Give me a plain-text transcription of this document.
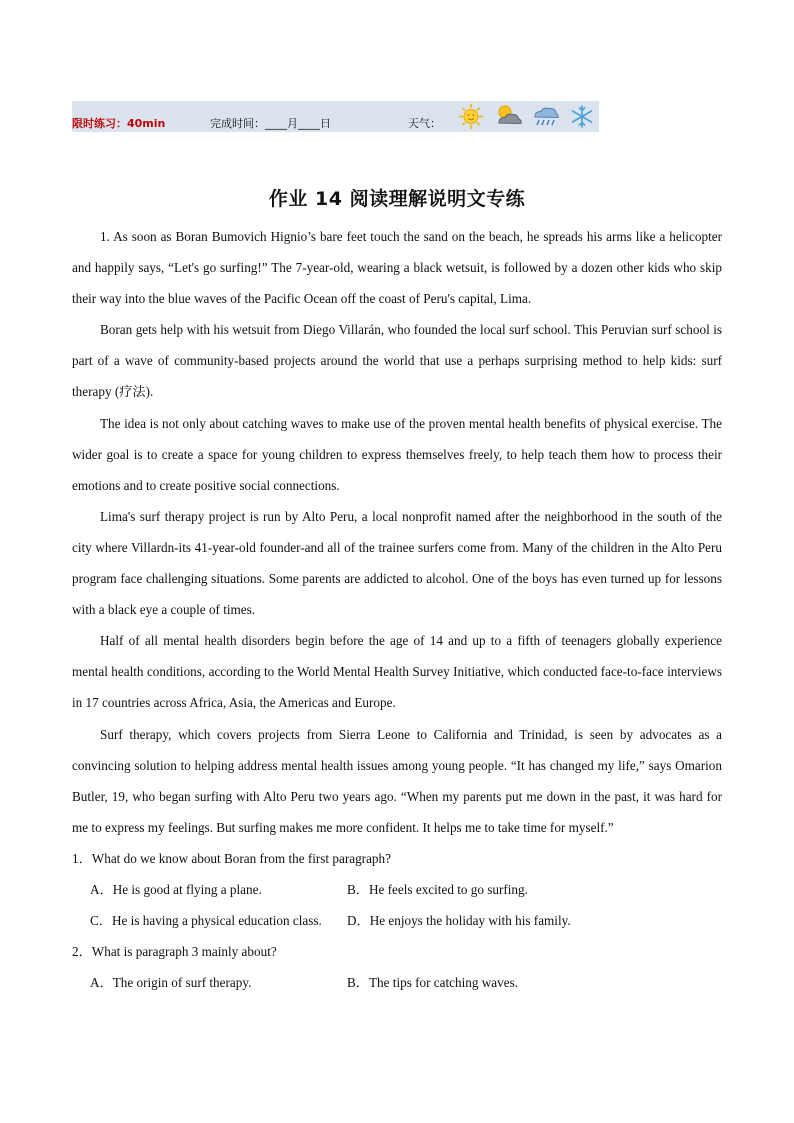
限时练习：40min	完成时间：____月____日	天气：
作业 14 阅读理解说明文专练

1. As soon as Boran Bumovich Hignio’s bare feet touch the sand on the beach, he spreads his arms like a helicopter and happily says, “Let's go surfing!” The 7-year-old, wearing a black wetsuit, is followed by a dozen other kids who skip their way into the blue waves of the Pacific Ocean off the coast of Peru's capital, Lima.

Boran gets help with his wetsuit from Diego Villarán, who founded the local surf school. This Peruvian surf school is part of a wave of community-based projects around the world that use a perhaps surprising method to help kids: surf therapy (疗法).

The idea is not only about catching waves to make use of the proven mental health benefits of physical exercise. The wider goal is to create a space for young children to express themselves freely, to help teach them how to process their emotions and to create positive social connections.

Lima's surf therapy project is run by Alto Peru, a local nonprofit named after the neighborhood in the south of the city where Villardn-its 41-year-old founder-and all of the trainee surfers come from. Many of the children in the Alto Peru program face challenging situations. Some parents are addicted to alcohol. One of the boys has even turned up for lessons with a black eye a couple of times.

Half of all mental health disorders begin before the age of 14 and up to a fifth of teenagers globally experience mental health conditions, according to the World Mental Health Survey Initiative, which conducted face-to-face interviews in 17 countries across Africa, Asia, the Americas and Europe.

Surf therapy, which covers projects from Sierra Leone to California and Trinidad, is seen by advocates as a convincing solution to helping address mental health issues among young people. “It has changed my life,” says Omarion Butler, 19, who began surfing with Alto Peru two years ago. “When my parents put me down in the past, it was hard for me to express my feelings. But surfing makes me more confident. It helps me to take time for myself.”

1．What do we know about Boran from the first paragraph?

A．He is good at flying a plane.	B．He feels excited to go surfing.
C．He is having a physical education class. D．He enjoys the holiday with his family.

2．What is paragraph 3 mainly about?

A．The origin of surf therapy.	B．The tips for catching waves.
